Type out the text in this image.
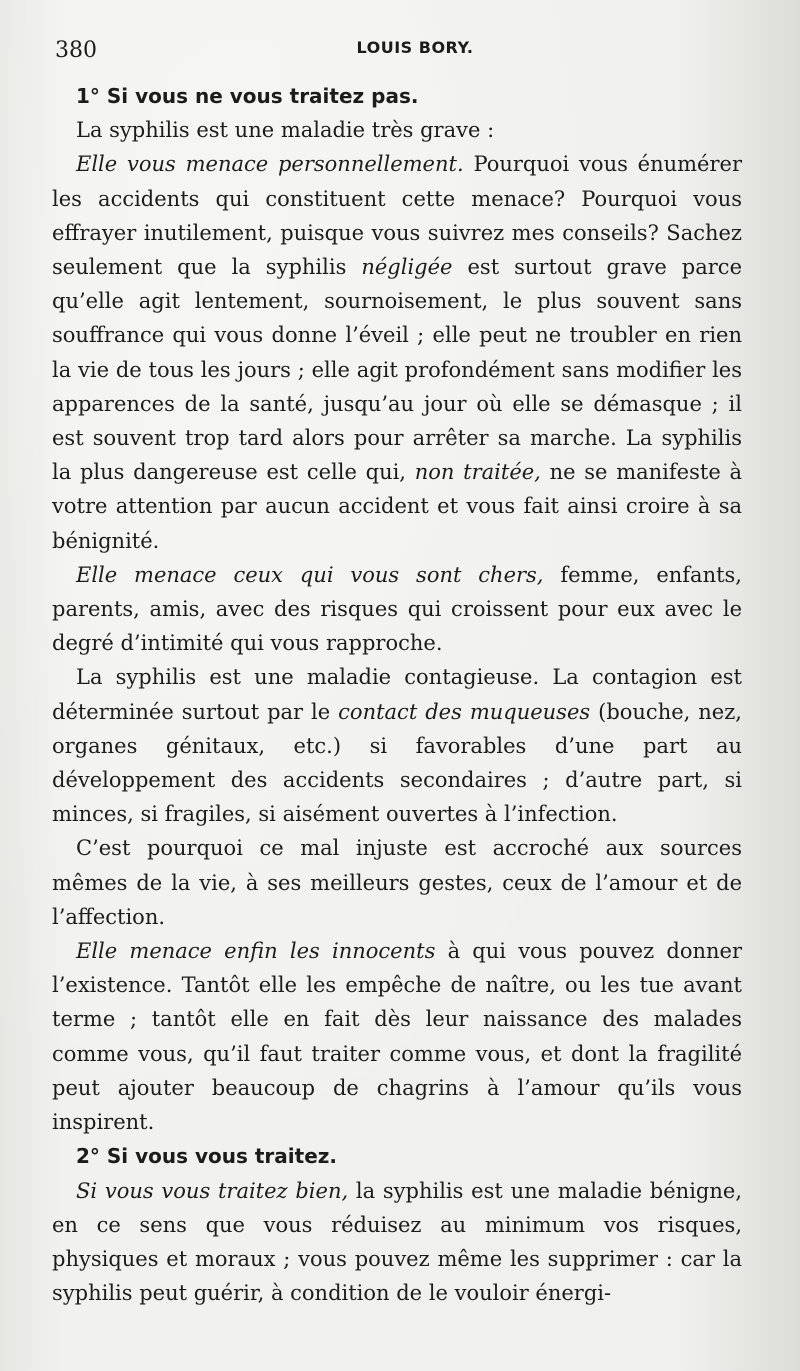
380	LOUIS BORY.
1° Si vous ne vous traitez pas.

La syphilis est une maladie très grave :

Elle vous menace personnellement. Pourquoi vous énumérer les accidents qui constituent cette menace? Pourquoi vous effrayer inutilement, puisque vous suivrez mes conseils? Sachez seulement que la syphilis négligée est surtout grave parce qu’elle agit lentement, sournoisement, le plus souvent sans souffrance qui vous donne l’éveil ; elle peut ne troubler en rien la vie de tous les jours ; elle agit profondément sans modifier les apparences de la santé, jusqu’au jour où elle se démasque ; il est souvent trop tard alors pour arrêter sa marche. La syphilis la plus dangereuse est celle qui, non traitée, ne se manifeste à votre attention par aucun accident et vous fait ainsi croire à sa bénignité.

Elle menace ceux qui vous sont chers, femme, enfants, parents, amis, avec des risques qui croissent pour eux avec le degré d’intimité qui vous rapproche.

La syphilis est une maladie contagieuse. La contagion est déterminée surtout par le contact des muqueuses (bouche, nez, organes génitaux, etc.) si favorables d’une part au développement des accidents secondaires ; d’autre part, si minces, si fragiles, si aisément ouvertes à l’infection.

C’est pourquoi ce mal injuste est accroché aux sources mêmes de la vie, à ses meilleurs gestes, ceux de l’amour et de l’affection.

Elle menace enfin les innocents à qui vous pouvez donner l’existence. Tantôt elle les empêche de naître, ou les tue avant terme ; tantôt elle en fait dès leur naissance des malades comme vous, qu’il faut traiter comme vous, et dont la fragilité peut ajouter beaucoup de chagrins à l’amour qu’ils vous inspirent.

2° Si vous vous traitez.

Si vous vous traitez bien, la syphilis est une maladie bénigne, en ce sens que vous réduisez au minimum vos risques, physiques et moraux ; vous pouvez même les supprimer : car la syphilis peut guérir, à condition de le vouloir énergi-
